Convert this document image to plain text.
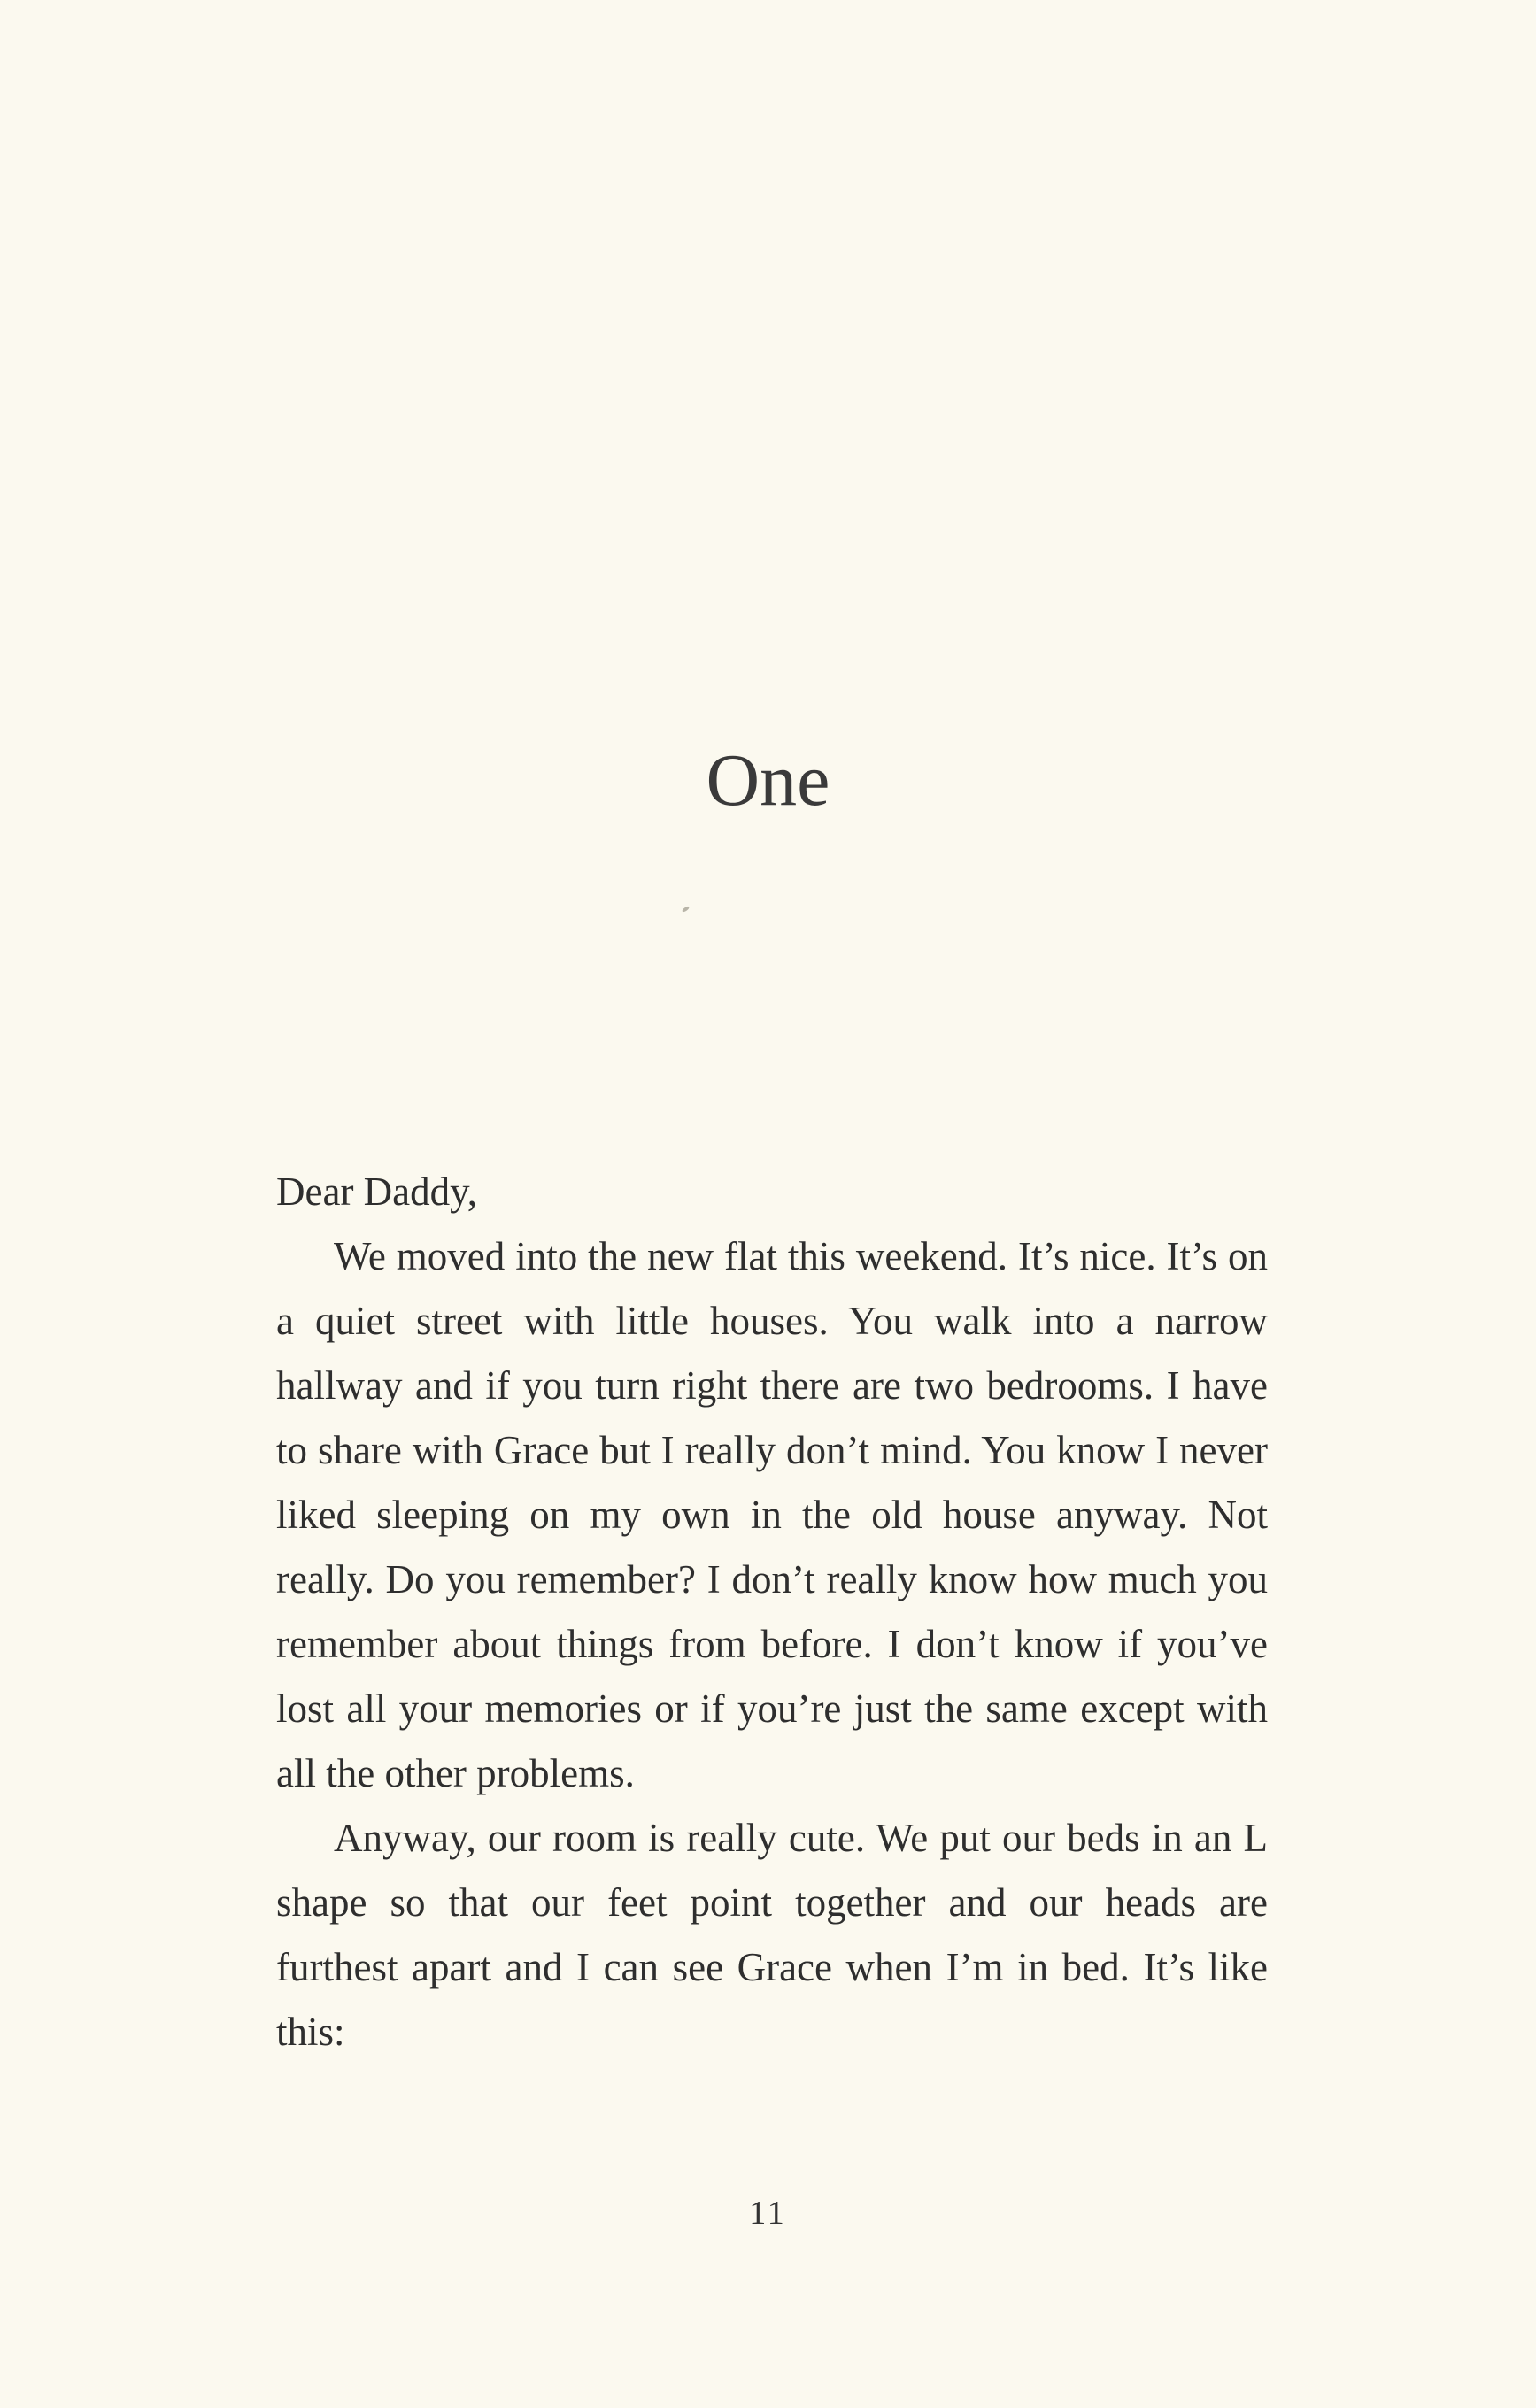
One

Dear Daddy,

We moved into the new flat this weekend. It’s nice. It’s on a quiet street with little houses. You walk into a narrow hallway and if you turn right there are two bedrooms. I have to share with Grace but I really don’t mind. You know I never liked sleeping on my own in the old house anyway. Not really. Do you remember? I don’t really know how much you remember about things from before. I don’t know if you’ve lost all your memories or if you’re just the same except with all the other problems.

Anyway, our room is really cute. We put our beds in an L shape so that our feet point together and our heads are furthest apart and I can see Grace when I’m in bed. It’s like this:

11
